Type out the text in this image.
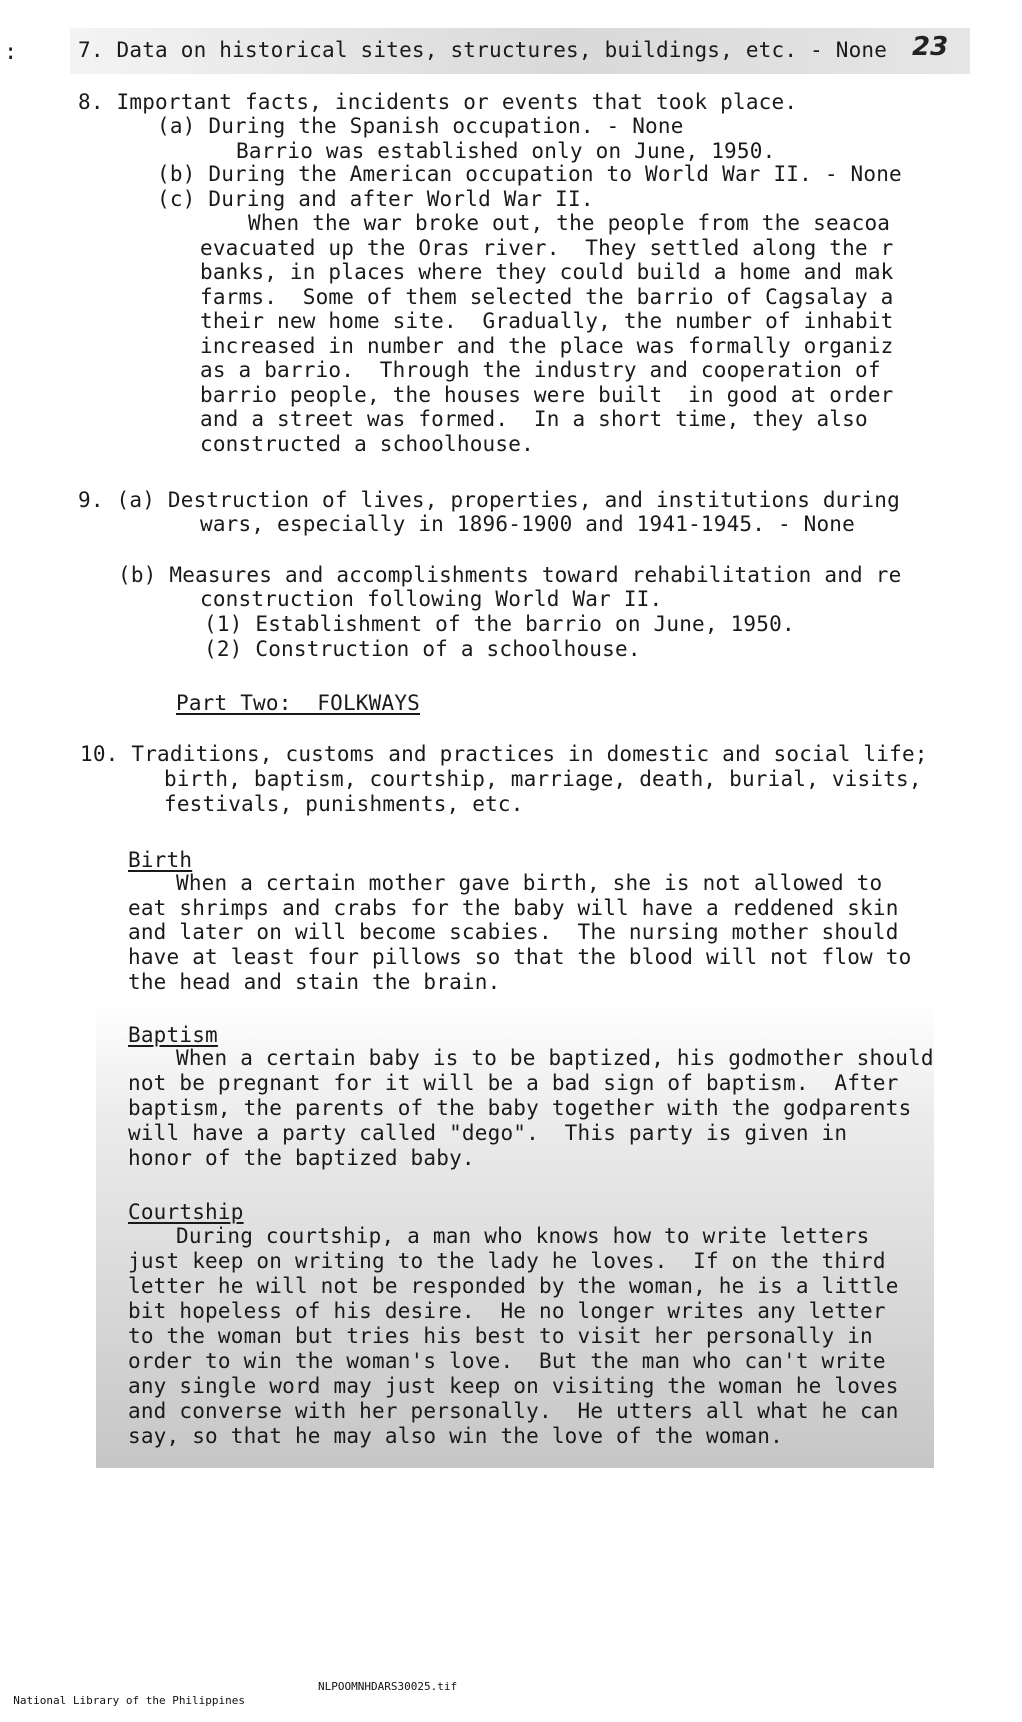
:	23
7. Data on historical sites, structures, buildings, etc. - None
8. Important facts, incidents or events that took place.
(a) During the Spanish occupation. - None
Barrio was established only on June, 1950.
(b) During the American occupation to World War II. - None
(c) During and after World War II.
When the war broke out, the people from the seacoa
evacuated up the Oras river.  They settled along the r
banks, in places where they could build a home and mak
farms.  Some of them selected the barrio of Cagsalay a
their new home site.  Gradually, the number of inhabit
increased in number and the place was formally organiz
as a barrio.  Through the industry and cooperation of
barrio people, the houses were built  in good at order
and a street was formed.  In a short time, they also
constructed a schoolhouse.
9. (a) Destruction of lives, properties, and institutions during
wars, especially in 1896-1900 and 1941-1945. - None
(b) Measures and accomplishments toward rehabilitation and re
construction following World War II.
(1) Establishment of the barrio on June, 1950.
(2) Construction of a schoolhouse.
Part Two:  FOLKWAYS
10. Traditions, customs and practices in domestic and social life;
birth, baptism, courtship, marriage, death, burial, visits,
festivals, punishments, etc.
Birth
When a certain mother gave birth, she is not allowed to
eat shrimps and crabs for the baby will have a reddened skin
and later on will become scabies.  The nursing mother should
have at least four pillows so that the blood will not flow to
the head and stain the brain.
Baptism
When a certain baby is to be baptized, his godmother should
not be pregnant for it will be a bad sign of baptism.  After
baptism, the parents of the baby together with the godparents
will have a party called "dego".  This party is given in
honor of the baptized baby.
Courtship
During courtship, a man who knows how to write letters
just keep on writing to the lady he loves.  If on the third
letter he will not be responded by the woman, he is a little
bit hopeless of his desire.  He no longer writes any letter
to the woman but tries his best to visit her personally in
order to win the woman's love.  But the man who can't write
any single word may just keep on visiting the woman he loves
and converse with her personally.  He utters all what he can
say, so that he may also win the love of the woman.

National Library of the Philippines

NLPOOMNHDARS30025.tif
